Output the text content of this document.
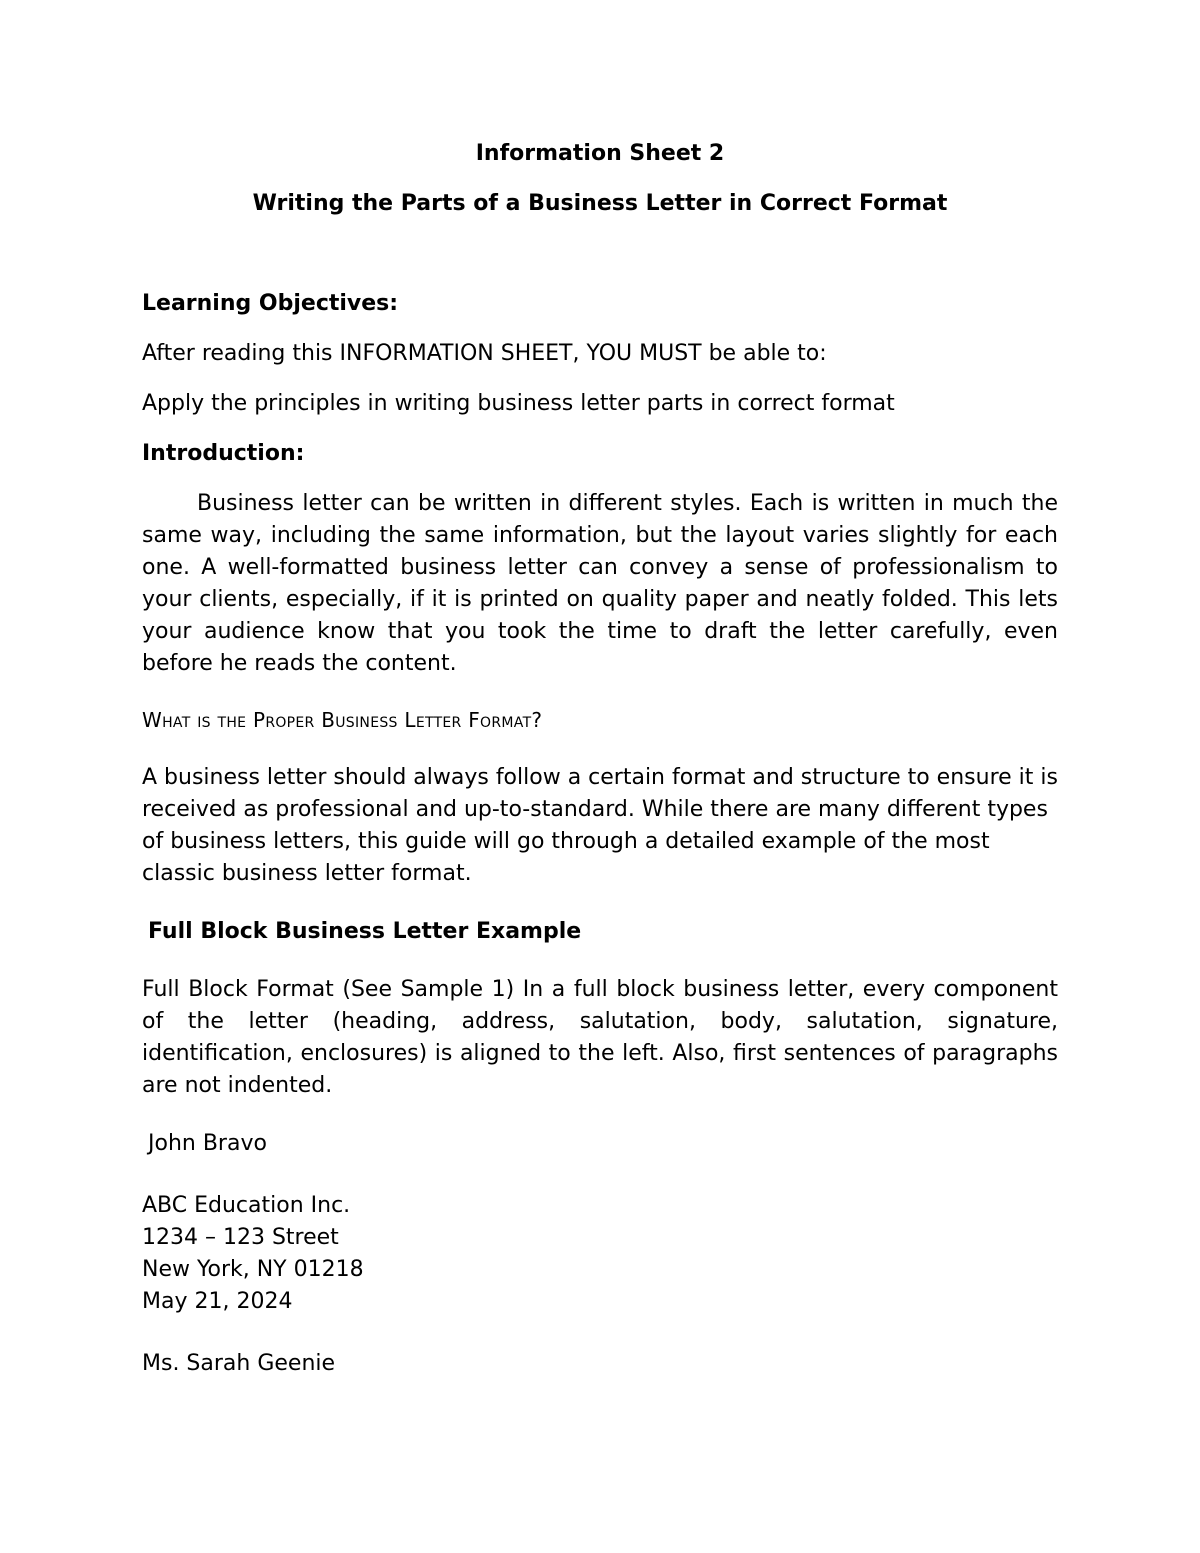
Information Sheet 2

Writing the Parts of a Business Letter in Correct Format

Learning Objectives:

After reading this INFORMATION SHEET, YOU MUST be able to:

Apply the principles in writing business letter parts in correct format

Introduction:

Business letter can be written in different styles. Each is written in much the same way, including the same information, but the layout varies slightly for each one. A well-formatted business letter can convey a sense of professionalism to your clients, especially, if it is printed on quality paper and neatly folded. This lets your audience know that you took the time to draft the letter carefully, even before he reads the content.

What is the Proper Business Letter Format?

A business letter should always follow a certain format and structure to ensure it is received as professional and up-to-standard. While there are many different types of business letters, this guide will go through a detailed example of the most classic business letter format.

Full Block Business Letter Example

Full Block Format (See Sample 1) In a full block business letter, every component of the letter (heading, address, salutation, body, salutation, signature, identification, enclosures) is aligned to the left. Also, first sentences of paragraphs are not indented.

John Bravo

ABC Education Inc.

1234 – 123 Street

New York, NY 01218

May 21, 2024

Ms. Sarah Geenie
